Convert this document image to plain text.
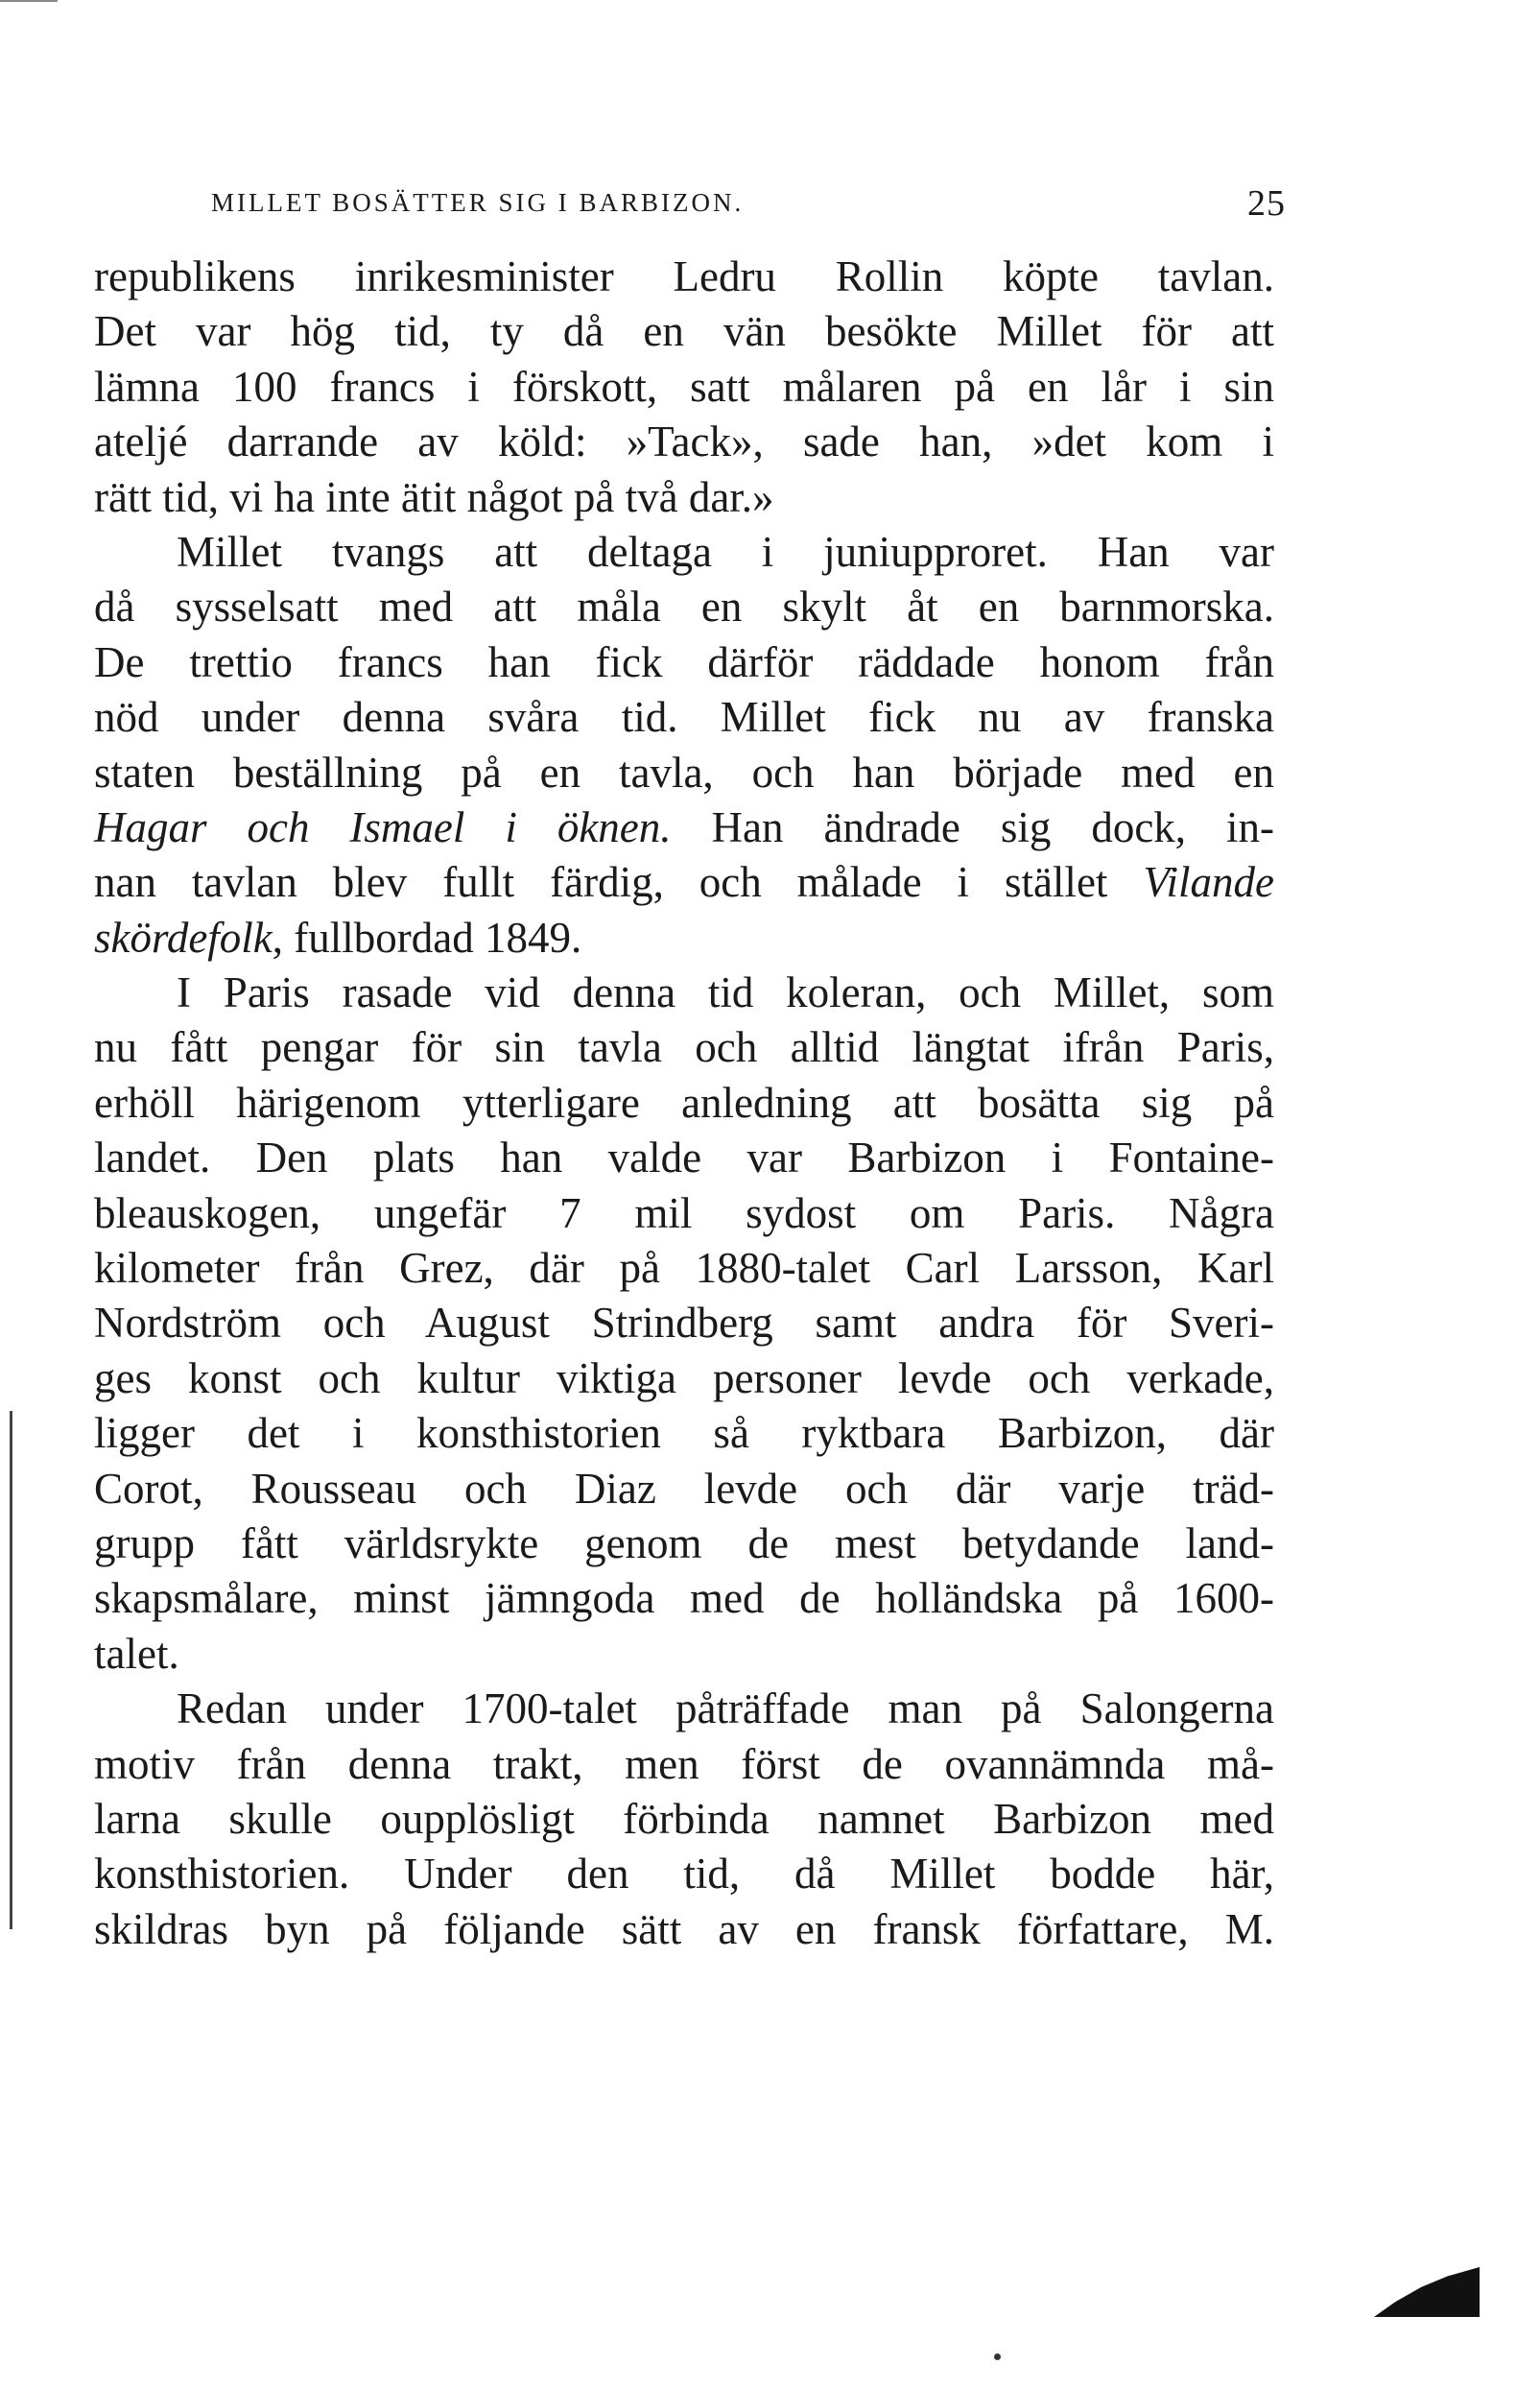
MILLET BOSÄTTER SIG I BARBIZON.	25
republikens inrikesminister Ledru Rollin köpte tavlan.
Det var hög tid, ty då en vän besökte Millet för att
lämna 100 francs i förskott, satt målaren på en lår i sin
ateljé darrande av köld: »Tack», sade han, »det kom i
rätt tid, vi ha inte ätit något på två dar.»
Millet tvangs att deltaga i juniupproret. Han var
då sysselsatt med att måla en skylt åt en barnmorska.
De trettio francs han fick därför räddade honom från
nöd under denna svåra tid. Millet fick nu av franska
staten beställning på en tavla, och han började med en
Hagar och Ismael i öknen. Han ändrade sig dock, in-
nan tavlan blev fullt färdig, och målade i stället Vilande
skördefolk, fullbordad 1849.
I Paris rasade vid denna tid koleran, och Millet, som
nu fått pengar för sin tavla och alltid längtat ifrån Paris,
erhöll härigenom ytterligare anledning att bosätta sig på
landet. Den plats han valde var Barbizon i Fontaine-
bleauskogen, ungefär 7 mil sydost om Paris. Några
kilometer från Grez, där på 1880-talet Carl Larsson, Karl
Nordström och August Strindberg samt andra för Sveri-
ges konst och kultur viktiga personer levde och verkade,
ligger det i konsthistorien så ryktbara Barbizon, där
Corot, Rousseau och Diaz levde och där varje träd-
grupp fått världsrykte genom de mest betydande land-
skapsmålare, minst jämngoda med de holländska på 1600-
talet.
Redan under 1700-talet påträffade man på Salongerna
motiv från denna trakt, men först de ovannämnda må-
larna skulle oupplösligt förbinda namnet Barbizon med
konsthistorien. Under den tid, då Millet bodde här,
skildras byn på följande sätt av en fransk författare, M.
